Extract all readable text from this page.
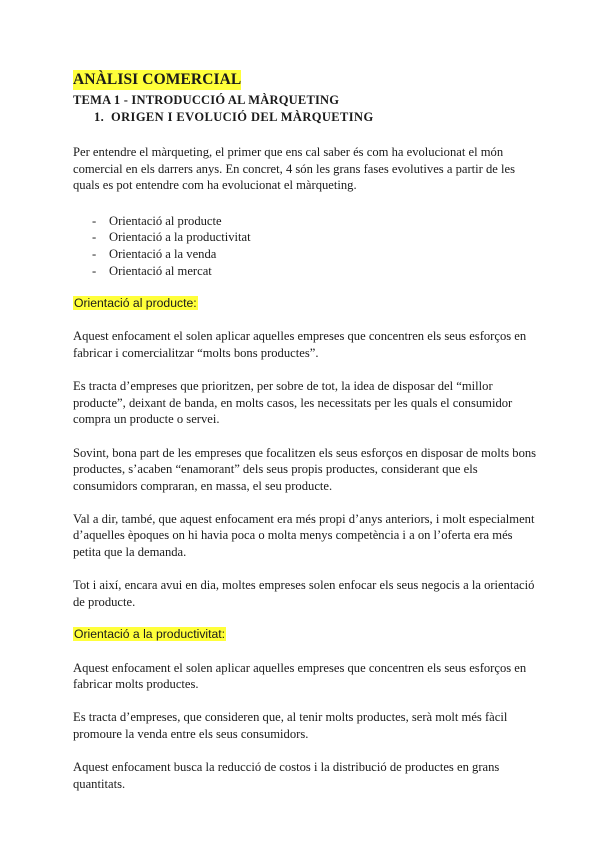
ANÀLISI COMERCIAL
TEMA 1 - INTRODUCCIÓ AL MÀRQUETING
1. ORIGEN I EVOLUCIÓ DEL MÀRQUETING

Per entendre el màrqueting, el primer que ens cal saber és com ha evolucionat el món comercial en els darrers anys. En concret, 4 són les grans fases evolutives a partir de les quals es pot entendre com ha evolucionat el màrqueting.

- Orientació al producte
- Orientació a la productivitat
- Orientació a la venda
- Orientació al mercat
Orientació al producte:

Aquest enfocament el solen aplicar aquelles empreses que concentren els seus esforços en fabricar i comercialitzar “molts bons productes”.

Es tracta d’empreses que prioritzen, per sobre de tot, la idea de disposar del “millor producte”, deixant de banda, en molts casos, les necessitats per les quals el consumidor compra un producte o servei.

Sovint, bona part de les empreses que focalitzen els seus esforços en disposar de molts bons productes, s’acaben “enamorant” dels seus propis productes, considerant que els consumidors compraran, en massa, el seu producte.

Val a dir, també, que aquest enfocament era més propi d’anys anteriors, i molt especialment d’aquelles èpoques on hi havia poca o molta menys competència i a on l’oferta era més petita que la demanda.

Tot i així, encara avui en dia, moltes empreses solen enfocar els seus negocis a la orientació de producte.

Orientació a la productivitat:

Aquest enfocament el solen aplicar aquelles empreses que concentren els seus esforços en fabricar molts productes.

Es tracta d’empreses, que consideren que, al tenir molts productes, serà molt més fàcil promoure la venda entre els seus consumidors.

Aquest enfocament busca la reducció de costos i la distribució de productes en grans quantitats.
